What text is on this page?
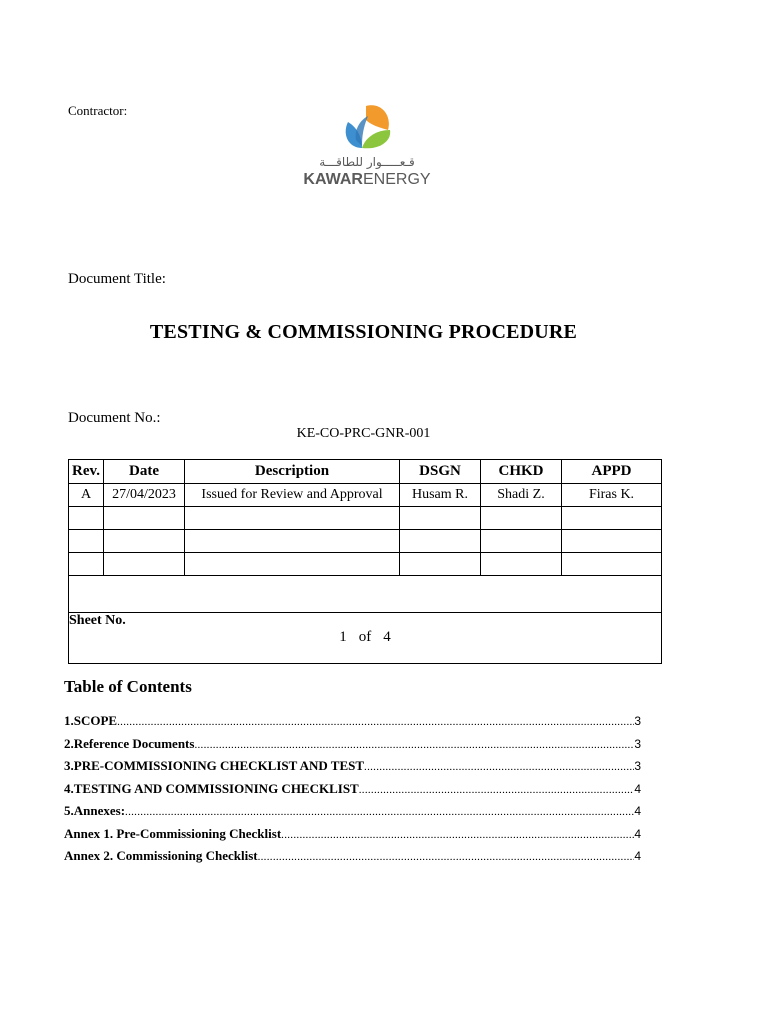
Contractor:
قـعـــــوار للطاقـــة
KAWARENERGY
Document Title:
TESTING & COMMISSIONING PROCEDURE
Document No.:
KE-CO-PRC-GNR-001
Rev.	Date	Description	DSGN	CHKD	APPD
A	27/04/2023	Issued for Review and Approval	Husam R.	Shadi Z.	Firas K.

Sheet No.
1 of 4
Table of Contents
1.SCOPE .....	3
2.Reference Documents .....	3
3.PRE-COMMISSIONING CHECKLIST AND TEST .....	3
4.TESTING AND COMMISSIONING CHECKLIST .....	4
5.Annexes: .....	4
Annex 1. Pre-Commissioning Checklist .....	4
Annex 2. Commissioning Checklist .....	4
